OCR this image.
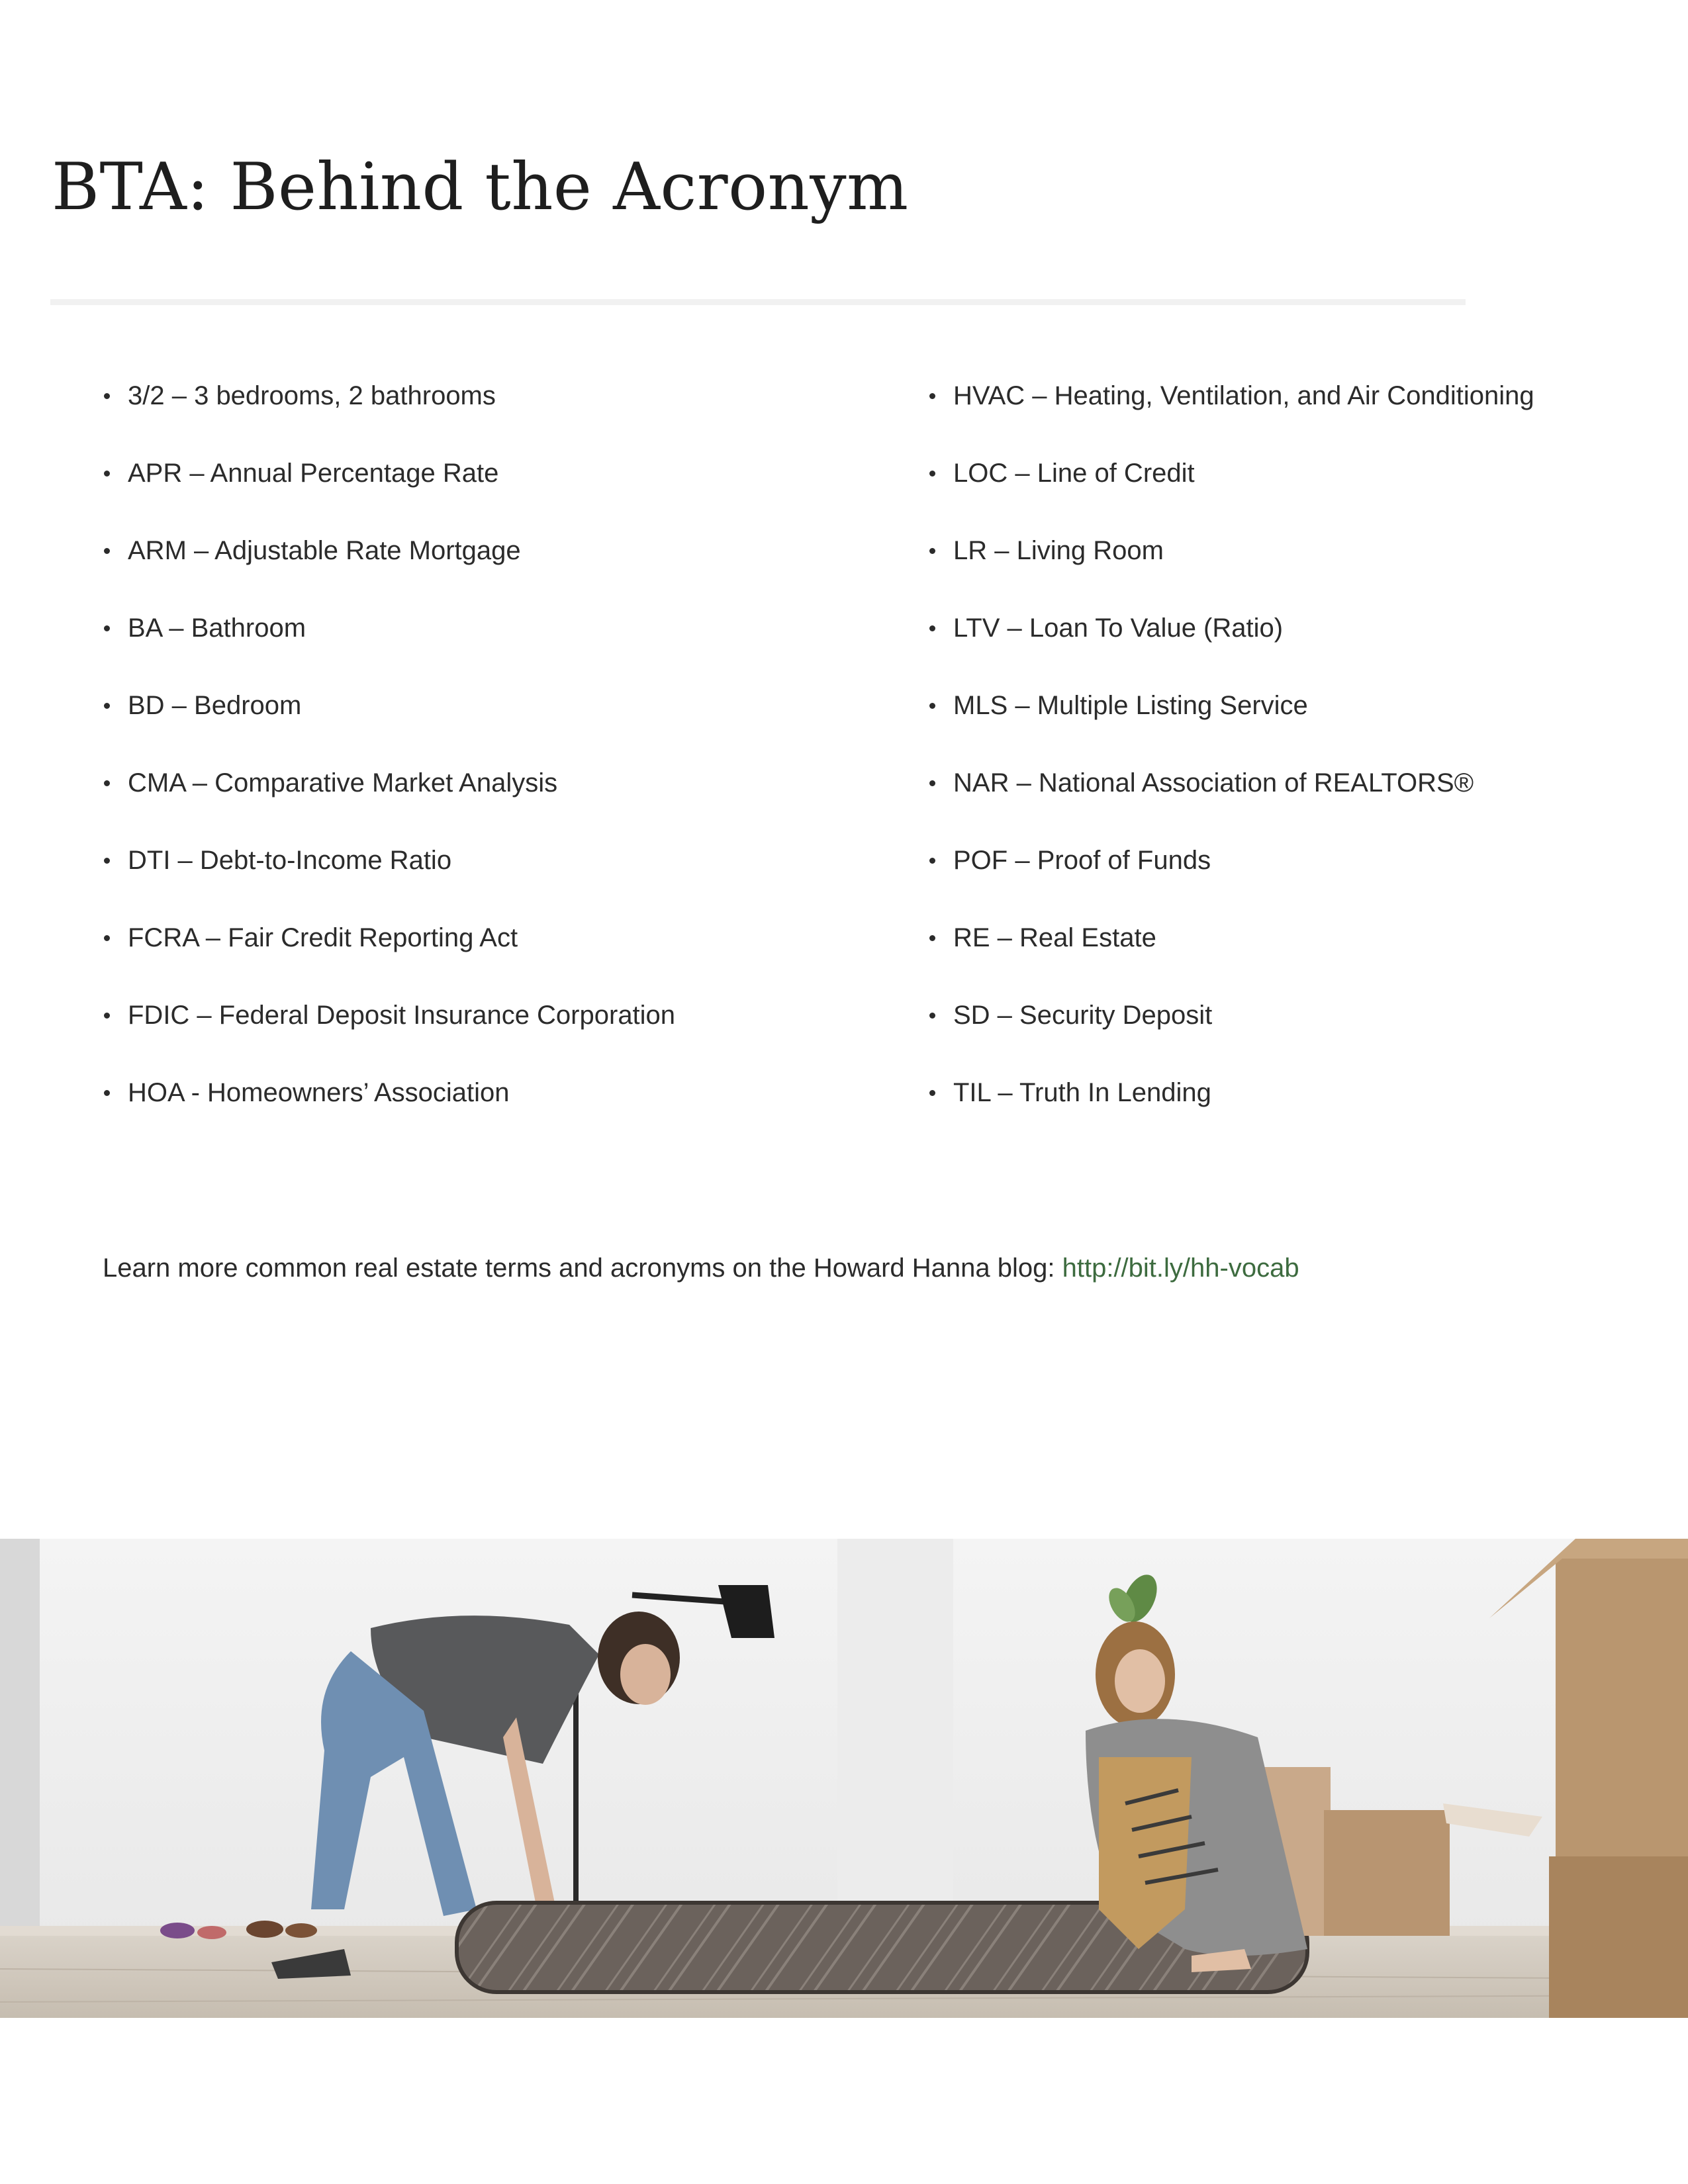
BTA: Behind the Acronym
3/2 – 3 bedrooms, 2 bathrooms
APR – Annual Percentage Rate
ARM – Adjustable Rate Mortgage
BA – Bathroom
BD – Bedroom
CMA – Comparative Market Analysis
DTI – Debt-to-Income Ratio
FCRA – Fair Credit Reporting Act
FDIC – Federal Deposit Insurance Corporation
HOA - Homeowners’ Association
HVAC – Heating, Ventilation, and Air Conditioning
LOC – Line of Credit
LR – Living Room
LTV – Loan To Value (Ratio)
MLS – Multiple Listing Service
NAR – National Association of REALTORS®
POF – Proof of Funds
RE – Real Estate
SD – Security Deposit
TIL – Truth In Lending

Learn more common real estate terms and acronyms on the Howard Hanna blog: http://bit.ly/hh-vocab
